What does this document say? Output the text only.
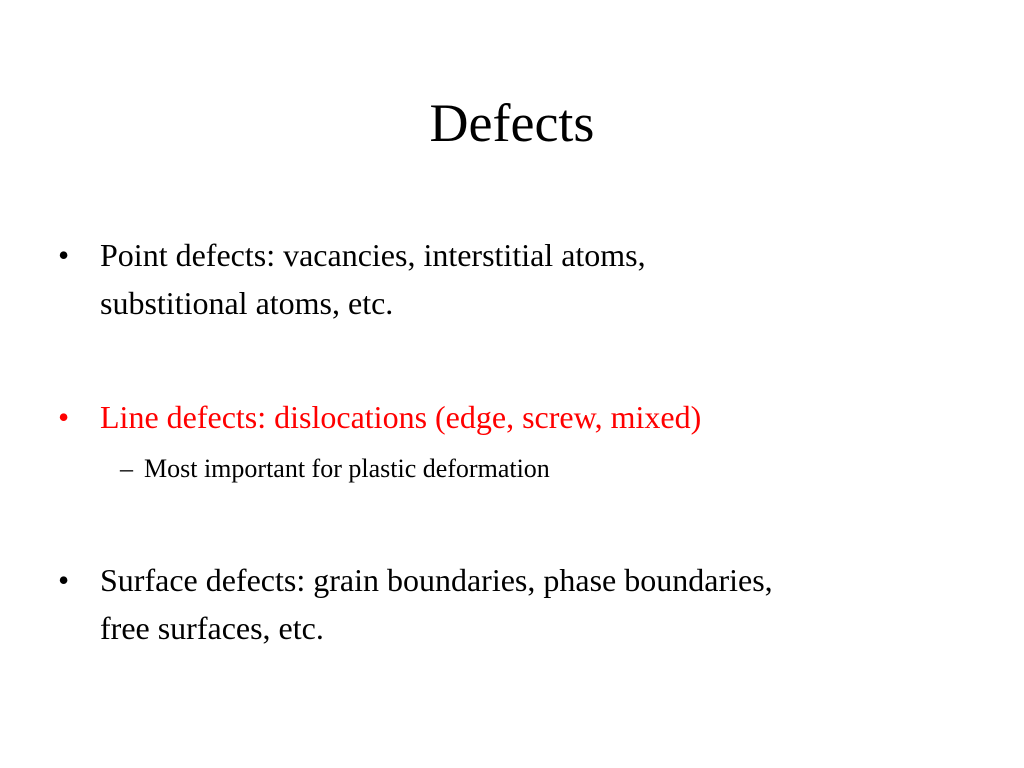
Defects
• Point defects: vacancies, interstitial atoms,
substitional atoms, etc.
• Line defects: dislocations (edge, screw, mixed)
– Most important for plastic deformation
• Surface defects: grain boundaries, phase boundaries,
free surfaces, etc.
